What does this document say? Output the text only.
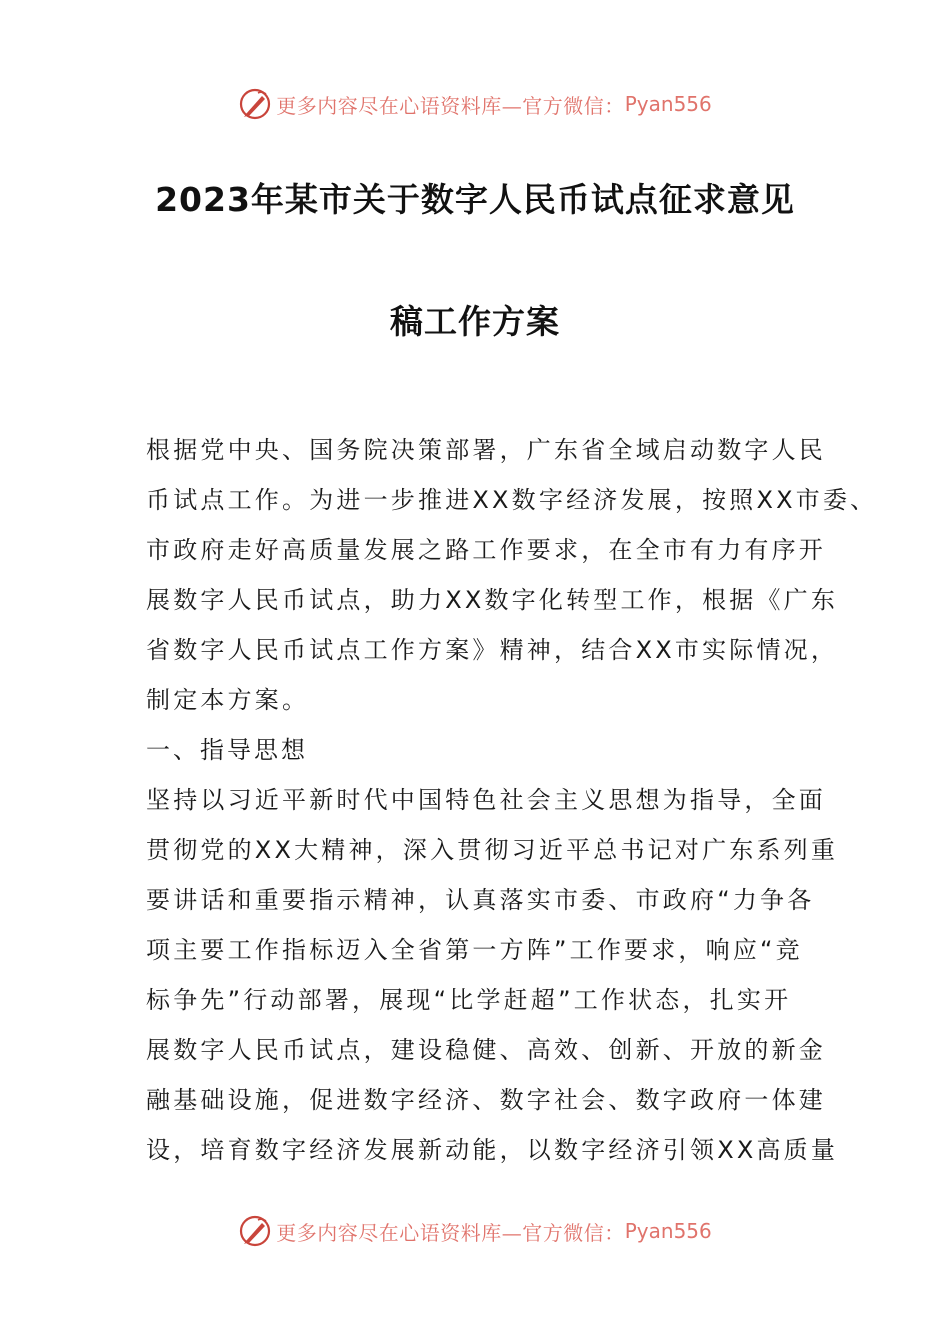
更多内容尽在心语资料库—官方微信： Pyan556
2023年某市关于数字人民币试点征求意见
稿工作方案
根据党中央、国务院决策部署，广东省全域启动数字人民
币试点工作。为进一步推进XX数字经济发展，按照XX市委、
市政府走好高质量发展之路工作要求，在全市有力有序开
展数字人民币试点，助力XX数字化转型工作，根据《广东
省数字人民币试点工作方案》精神，结合XX市实际情况，
制定本方案。
一、指导思想
坚持以习近平新时代中国特色社会主义思想为指导，全面
贯彻党的XX大精神，深入贯彻习近平总书记对广东系列重
要讲话和重要指示精神，认真落实市委、市政府“力争各
项主要工作指标迈入全省第一方阵”工作要求，响应“竞
标争先”行动部署，展现“比学赶超”工作状态，扎实开
展数字人民币试点，建设稳健、高效、创新、开放的新金
融基础设施，促进数字经济、数字社会、数字政府一体建
设，培育数字经济发展新动能，以数字经济引领XX高质量
更多内容尽在心语资料库—官方微信： Pyan556
